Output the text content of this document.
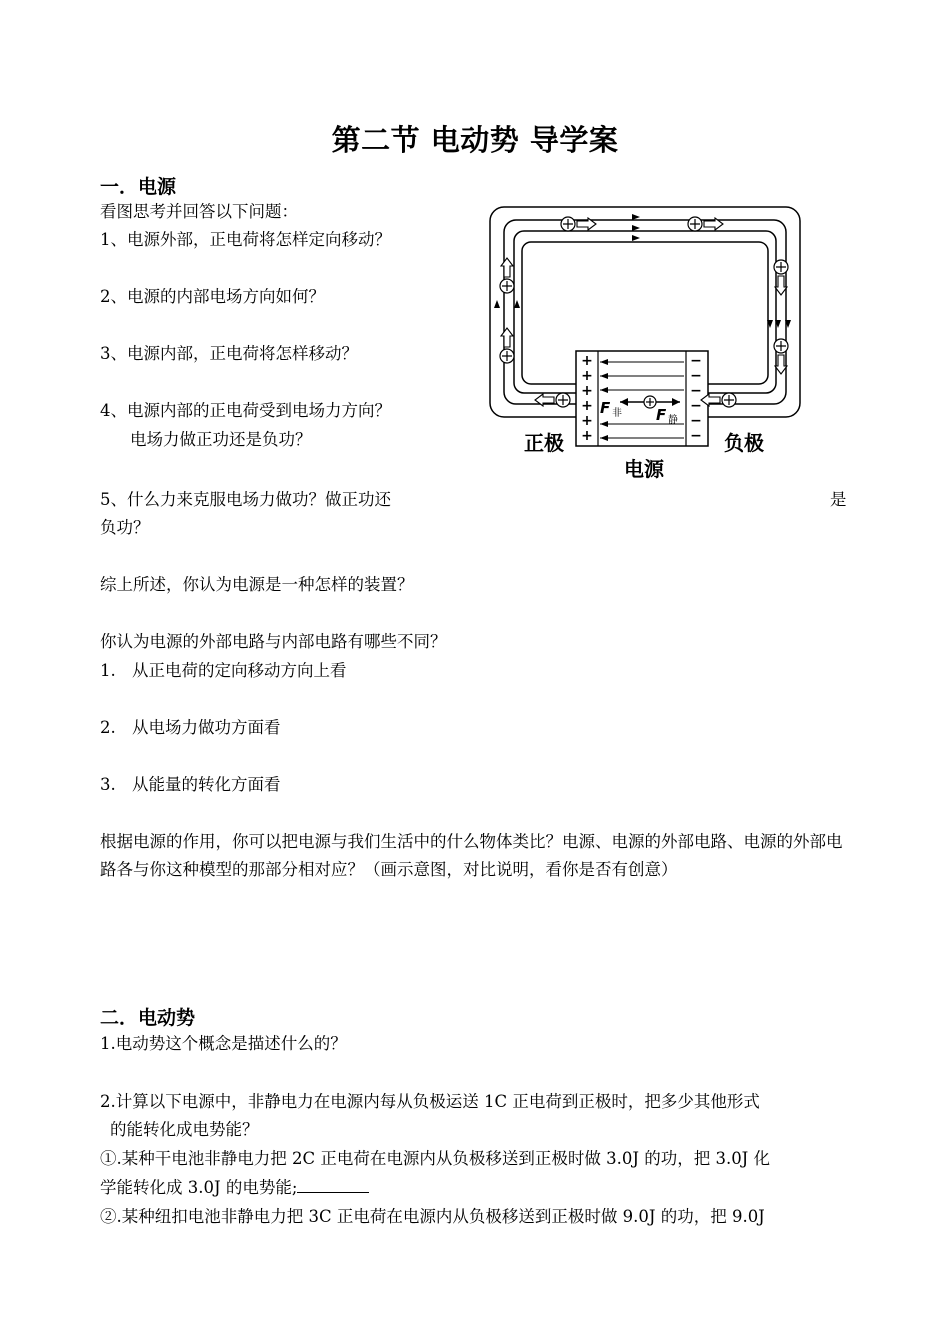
第二节 电动势 导学案
一．电源
看图思考并回答以下问题：
1、电源外部，正电荷将怎样定向移动？
2、电源的内部电场方向如何？
3、电源内部，正电荷将怎样移动？
4、电源内部的正电荷受到电场力方向？
电场力做正功还是负功？
5、什么力来克服电场力做功？做正功还	是
负功？
综上所述，你认为电源是一种怎样的装置？
你认为电源的外部电路与内部电路有哪些不同？
1. 从正电荷的定向移动方向上看
2. 从电场力做功方面看
3. 从能量的转化方面看
根据电源的作用，你可以把电源与我们生活中的什么物体类比？电源、电源的外部电路、电源的外部电路各与你这种模型的那部分相对应？（画示意图，对比说明，看你是否有创意）
二．电动势
1.电动势这个概念是描述什么的？
2.计算以下电源中，非静电力在电源内每从负极运送 1C 正电荷到正极时，把多少其他形式
的能转化成电势能？
①.某种干电池非静电力把 2C 正电荷在电源内从负极移送到正极时做 3.0J 的功，把 3.0J 化
学能转化成 3.0J 的电势能;
②.某种纽扣电池非静电力把 3C 正电荷在电源内从负极移送到正极时做 9.0J 的功，把 9.0J
+
+
+
+
+
+
−
−
−
−
−
−
F 非 F 静
正极	负极
电源
